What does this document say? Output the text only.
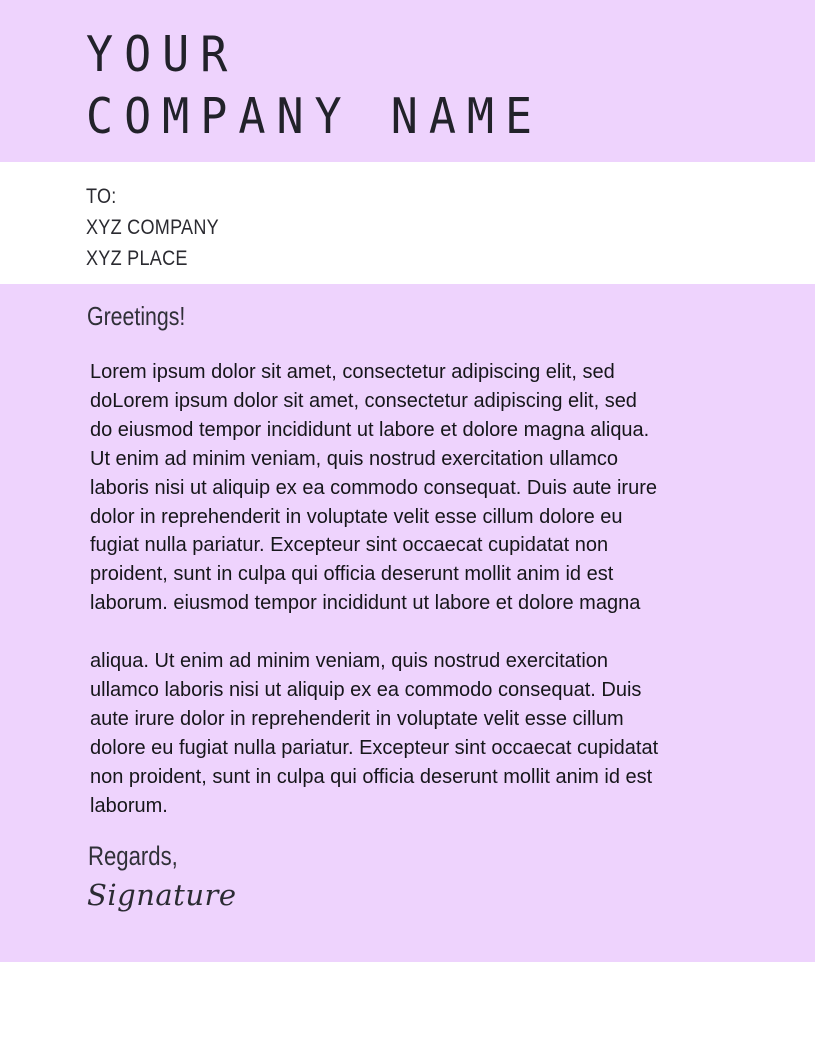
YOUR
COMPANY NAME
TO:
XYZ COMPANY
XYZ PLACE

Greetings!

Lorem ipsum dolor sit amet, consectetur adipiscing elit, sed
doLorem ipsum dolor sit amet, consectetur adipiscing elit, sed
do eiusmod tempor incididunt ut labore et dolore magna aliqua.
Ut enim ad minim veniam, quis nostrud exercitation ullamco
laboris nisi ut aliquip ex ea commodo consequat. Duis aute irure
dolor in reprehenderit in voluptate velit esse cillum dolore eu
fugiat nulla pariatur. Excepteur sint occaecat cupidatat non
proident, sunt in culpa qui officia deserunt mollit anim id est
laborum. eiusmod tempor incididunt ut labore et dolore magna

aliqua. Ut enim ad minim veniam, quis nostrud exercitation
ullamco laboris nisi ut aliquip ex ea commodo consequat. Duis
aute irure dolor in reprehenderit in voluptate velit esse cillum
dolore eu fugiat nulla pariatur. Excepteur sint occaecat cupidatat
non proident, sunt in culpa qui officia deserunt mollit anim id est
laborum.

Regards,

Signature
